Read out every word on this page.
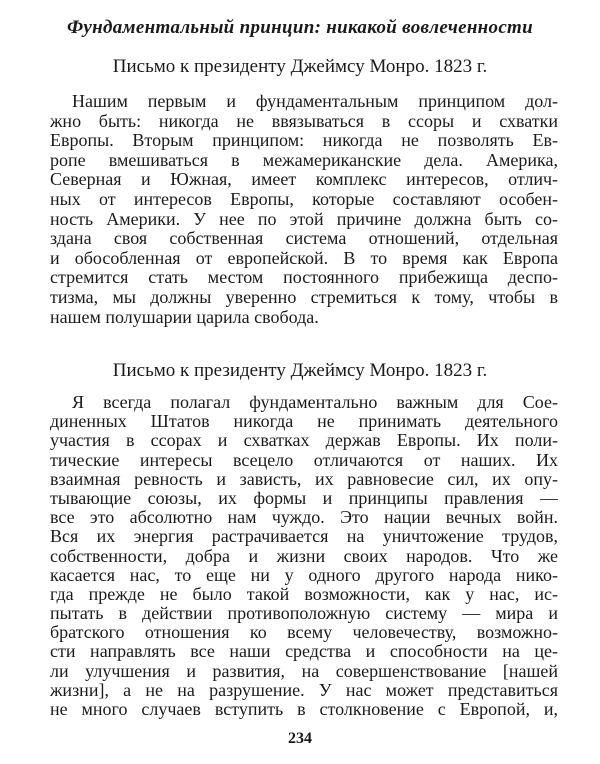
Фундаментальный принцип: никакой вовлеченности
Письмо к президенту Джеймсу Монро. 1823 г.
Нашим первым и фундаментальным принципом дол-
жно быть: никогда не ввязываться в ссоры и схватки
Европы. Вторым принципом: никогда не позволять Ев-
ропе вмешиваться в межамериканские дела. Америка,
Северная и Южная, имеет комплекс интересов, отлич-
ных от интересов Европы, которые составляют особен-
ность Америки. У нее по этой причине должна быть со-
здана своя собственная система отношений, отдельная
и обособленная от европейской. В то время как Европа
стремится стать местом постоянного прибежища деспо-
тизма, мы должны уверенно стремиться к тому, чтобы в
нашем полушарии царила свобода.
Письмо к президенту Джеймсу Монро. 1823 г.
Я всегда полагал фундаментально важным для Сое-
диненных Штатов никогда не принимать деятельного
участия в ссорах и схватках держав Европы. Их поли-
тические интересы всецело отличаются от наших. Их
взаимная ревность и зависть, их равновесие сил, их опу-
тывающие союзы, их формы и принципы правления —
все это абсолютно нам чуждо. Это нации вечных войн.
Вся их энергия растрачивается на уничтожение трудов,
собственности, добра и жизни своих народов. Что же
касается нас, то еще ни у одного другого народа нико-
гда прежде не было такой возможности, как у нас, ис-
пытать в действии противоположную систему — мира и
братского отношения ко всему человечеству, возможно-
сти направлять все наши средства и способности на це-
ли улучшения и развития, на совершенствование [нашей
жизни], а не на разрушение. У нас может представиться
не много случаев вступить в столкновение с Европой, и,
234
